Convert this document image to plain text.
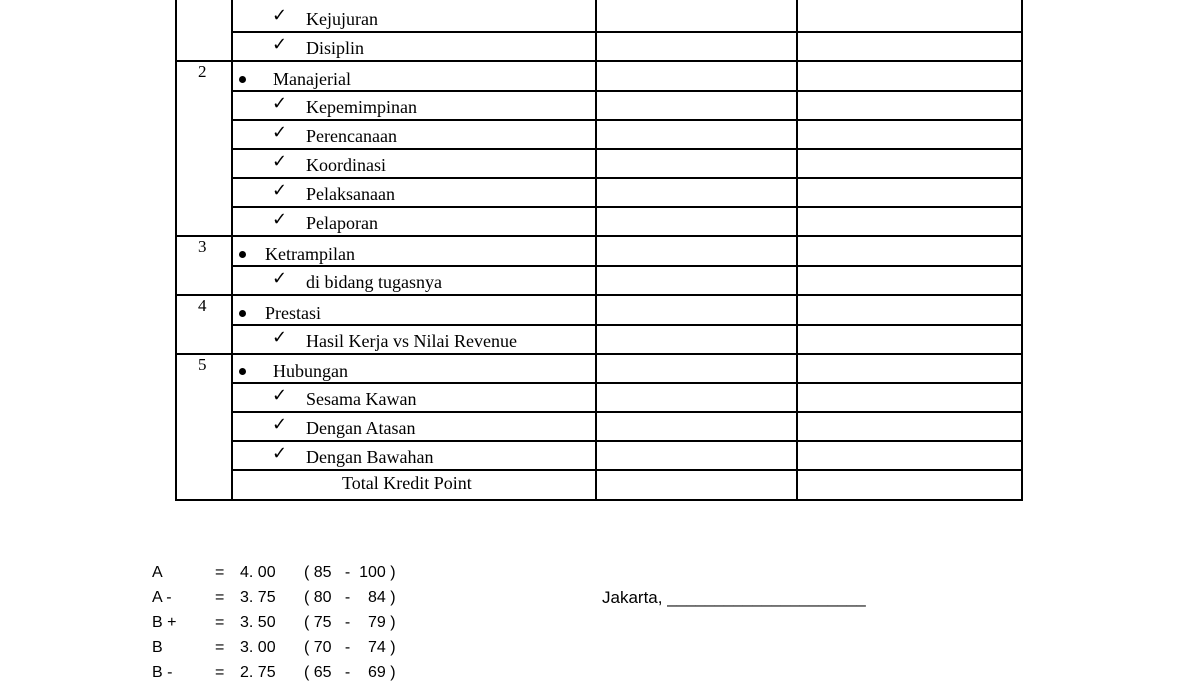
Total Kredit Point
A	= 4. 00 ( 85   -  100 )
A -	= 3. 75 ( 80   -    84 )
B + = 3. 50 ( 75   -    79 )
B	= 3. 00 ( 70   -    74 )
B -	= 2. 75 ( 65   -    69 )
Jakarta, _____________________
✓ Kejujuran
✓ Disiplin
2	Manajerial
✓ Kepemimpinan
✓ Perencanaan
✓ Koordinasi
✓ Pelaksanaan
✓ Pelaporan
3	Ketrampilan
✓ di bidang tugasnya
4	Prestasi
✓ Hasil Kerja vs Nilai Revenue
5	Hubungan
✓ Sesama Kawan
✓ Dengan Atasan
✓ Dengan Bawahan
